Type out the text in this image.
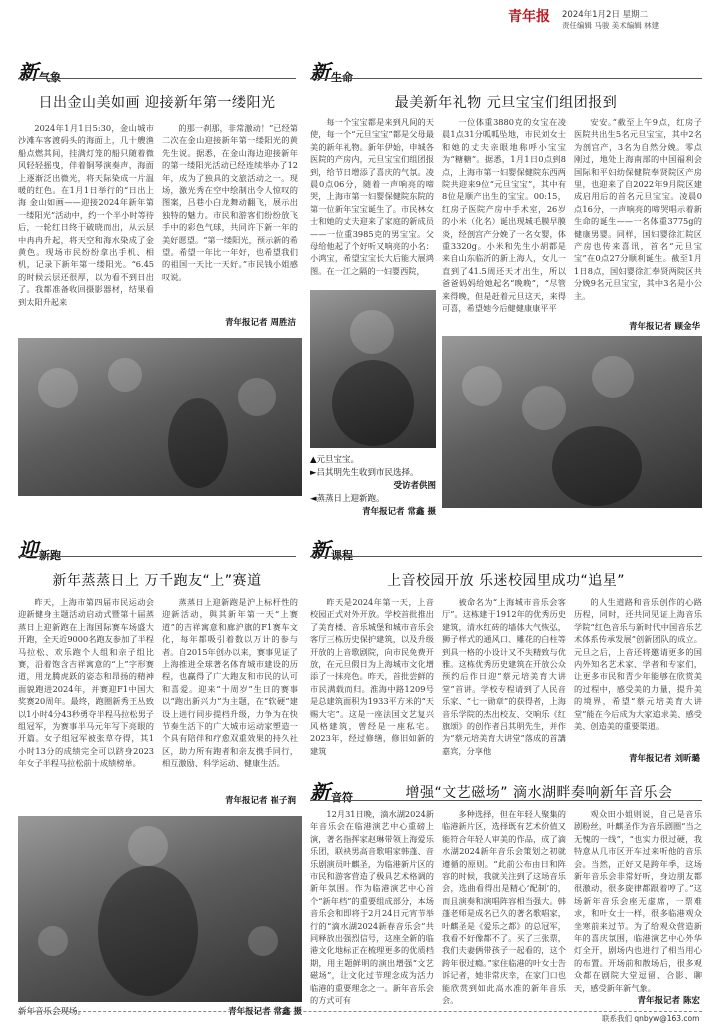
青年报 2024年1月2日 星期二
责任编辑 马骏 美术编辑 林建
新气象
日出金山美如画 迎接新年第一缕阳光
2024年1月1日5:30，金山城市沙滩车客渡码头的海面上，几十艘渔船点燃其间，挂满灯笼的船只随着微风轻轻摇曳，伴着铜琴演奏声，海面上逐渐泛出微光，将天际染成一片温暖的红色。在1月1日举行的“日出上海 金山如画——迎接2024年新年第一缕阳光”活动中，约一个半小时等待后，一轮红日终于破晓而出，从云层中冉冉升起，将天空和海水染成了金黄色。现场市民纷纷拿出手机、相机，记录下新年第一缕阳光。“6.45的时候云层还很厚，以为看不到日出了。我都准备收回摄影器材，结果看到太阳升起来
的那一刹那，非常激动！”已经第二次在金山迎接新年第一缕阳光的黄先生说。据悉，在金山海边迎接新年的第一缕阳光活动已经连续举办了12年，成为了独具的文旅活动之一。现场，激光秀在空中绘制出令人惊叹的图案，吕巷小白龙舞动翻飞，展示出独特的魅力。市民和游客们纷纷放飞手中的彩色气球，共同许下新一年的美好愿望。“第一缕阳光，预示新的希望。希望一年比一年好，也希望我们的祖国一天比一天好。”市民钱小姐感叹说。
青年报记者 周胜洁
新生命
最美新年礼物 元旦宝宝们组团报到
每一个宝宝都是来到凡间的天使，每一个“元旦宝宝”都是父母最美的新年礼物。新年伊始，申城各医院的产房内，元旦宝宝们组团报到，给节日增添了喜庆的气氛。凌晨0点06分，随着一声响亮的啼哭，上海市第一妇婴保健院东院的第一位新年宝宝诞生了。市民林女士和她的丈夫迎来了家庭的新成员——一位重3985克的男宝宝。父母给他起了个好听又响亮的小名：小鸿宝，希望宝宝长大后能大展鸿图。在一江之隔的一妇婴西院，
一位体重3880克的女宝在凌晨1点31分呱呱坠地，市民刘女士和她的丈夫亲眼地称呼小宝宝为“糖糖”。据悉，1月1日0点到8点，上海市第一妇婴保健院东西两院共迎来9位“元旦宝宝”，其中有8位是顺产出生的宝宝。00:15，红房子医院产房中手术室，26岁的小米（化名）诞出现城毛膜早膜炎，经剖宫产分娩了一名女婴，体重3320g。小米和先生小胡都是来自山东临沂的新上海人，女儿一直到了41.5周还天才出生，所以爸爸妈妈给她起名“晚晚”，“尽管来得晚，但是赶着元旦这天，来得可喜，希望她今后健健康康平平
安安。”截至上午9点，红房子医院共出生5名元旦宝宝，其中2名为剖宫产，3名为自然分娩。零点刚过，地处上海南部的中国福利会国际和平妇幼保健院奉贤院区产房里，也迎来了自2022年9月院区建成启用后的首名元旦宝宝。凌晨0点16分，一声响亮的啼哭唱示着新生命的诞生——一名体重3775g的健康男婴。同样，国妇婴徐汇院区产房也传来喜讯，首名“元旦宝宝”在0点27分顺利诞生。截至1月1日8点，国妇婴徐汇奉贤两院区共分娩9名元旦宝宝，其中3名是小公主。
青年报记者 顾金华
▲元旦宝宝。
►吕其明先生收到市民选择。
受访者供图
◄蒸蒸日上迎新跑。
青年报记者 常鑫 摄
迎新跑
新年蒸蒸日上 万千跑友“上”赛道
昨天，上海市第四届市民运动会迎新健身主题活动启动式暨第十届蒸蒸日上迎新跑在上海国际赛车场盛大开跑，全天近9000名跑友参加了半程马拉松、欢乐跑个人组和亲子组比赛，沿着饱含吉祥寓意的“上”字形赛道，用龙腾虎跃的姿态和昂扬的精神面貌跑进2024年，并赛迎F1中国大奖赛20周年。最终，跑圈新秀王丛致以1小时4分43秒勇夺半程马拉松男子组冠军，为赛事半马元年写下亮眼的开篇。女子组冠军被张草夺得，其1小时13分的成绩完全可以跻身2023年女子半程马拉松前十成绩榜单。
蒸蒸日上迎新跑是沪上标杆性的迎新活动，與其新年第一天“上赛道”的吉祥寓意和廊沪旗的F1赛车文化，每年都吸引着数以万计的参与者。自2015年创办以来，赛事见证了上海推进全球著名体育城市建设的历程，也赢得了广大跑友和市民的认可和喜爱。迎来“十周岁”生日的赛事以“跑出新兴力”为主题，在“软硬”建设上进行同步提档升级，力争为在快节奏生活下的广大城市运动家塑造一个具有陪伴和疗愈双重效果的持久社区，助力所有跑者和亲友携手同行，相互激励、科学运动、健康生活。
青年报记者 崔子润
新课程
上音校园开放 乐迷校园里成功“追星”
昨天是2024年第一天，上音校园正式对外开放。学校首批推出了美育楼、音乐城堡和城市音乐会客厅三栋历史保护建筑，以及升级开放的上音歌剧院，向市民免费开放，在元旦假日为上海城市文化增添了一抹亮色。昨天，首批尝鲜的市民满载而归。淮海中路1209号是总建筑面积为1933平方米的“天赐大宅”。这是一座法国文艺复兴风格建筑，曾经是一座私宅。2023年，经过修缮，修旧如新的建筑
被命名为“上海城市音乐会客厅”。这栋建于1912年的优秀历史建筑，清水红砖的墙体大气恢弘，狮子样式的通风口、雕花的白柱等到具一格的小设计又不失精致与优雅。这栋优秀历史建筑在开放公众预约后作日迎“蔡元培美育大讲堂”首讲。学校专程请到了人民音乐家、“七一勋章”的获得者，上海音乐学院的杰出校友、交响乐《红旗颂》的创作者吕其明先生，并作为“蔡元培美育大讲堂”落成的首講嘉宾，分享他
的人生道路和音乐创作的心路历程，同时，还共同见证上海音乐学院“红色音乐与新时代中国音乐艺术体系传承发展”创新团队的成立。元旦之后，上音还将邀请更多的国内外知名艺术家、学者和专家们，让更多市民和青少年能够在欣赏美的过程中，感受美的力量，提升美的境界，希望“蔡元培美育大讲堂”能在今后成为大家追求美、感受美、创造美的重要渠道。
青年报记者 刘昕璐
新年音乐会现场。	青年报记者 常鑫 摄
新音符	增强“文艺磁场” 滴水湖畔奏响新年音乐会
12月31日晚，滴水湖2024新年音乐会在临港演艺中心重磅上演，著名指挥家赵琳带领上海爱乐乐团，联袂男高音歌唱家韩蓬、音乐剧演员叶麒圣，为临港新片区的市民和游客营造了极具艺术格调的新年氛围。作为临港演艺中心首个“新年档”的重要组成部分，本场音乐会和即将于2月24日元宵节举行的“滴水湖2024新春音乐会”共同释放出强烈信号，这座全新的临港文化地标正在梳理更多的优质档期，用主题鲜明的演出增强“文艺磁场”，让文化过节理念成为活力临港的重要理念之一。新年音乐会的方式可有
多种选择，但在年轻人聚集的临港新片区，选择既有艺术价值又能符合年轻人审美的作品，成了滴水湖2024新年音乐会策划之初就遵循的原则。“此前公布由日和阵容的时候，我就关注到了这场音乐会，选曲看得出是精心‘配制’的，而且演奏和演唱阵容相当强大。韩蓬老师是成名已久的著名歌唱家，叶麒圣是《爱乐之都》的总冠军，我看不好像都不了。买了三张票，我们夫妻俩带孩子一起看的，这个跨年很过瘾。”家住临港的叶女士告诉记者，她非常庆幸，在家门口也能欣赏到如此高水准的新年音乐会。
观众田小姐则说，自己是音乐剧粉丝，叶麒圣作为音乐剧圈“当之无愧的一线”，“也实力很过硬，我特意从几市区开车过来听他的音乐会。当然，正好又是跨年季，这场新年音乐会非常好听，身边朋友都很激动，很多旋律都跟着哼了。”这场新年音乐会座无虚席，一票难求，和叶女士一样，很多临港观众坐寒前来过节。为了给观众营造新年的喜庆氛围，临港演艺中心外华灯全开，剧场内也进行了相当用心的布置。开场前和散场后，很多观众都在剧院大堂逗留、合影、聊天，感受新年新气象。
青年报记者 陈宏
联系我们 qnbyw@163.com
